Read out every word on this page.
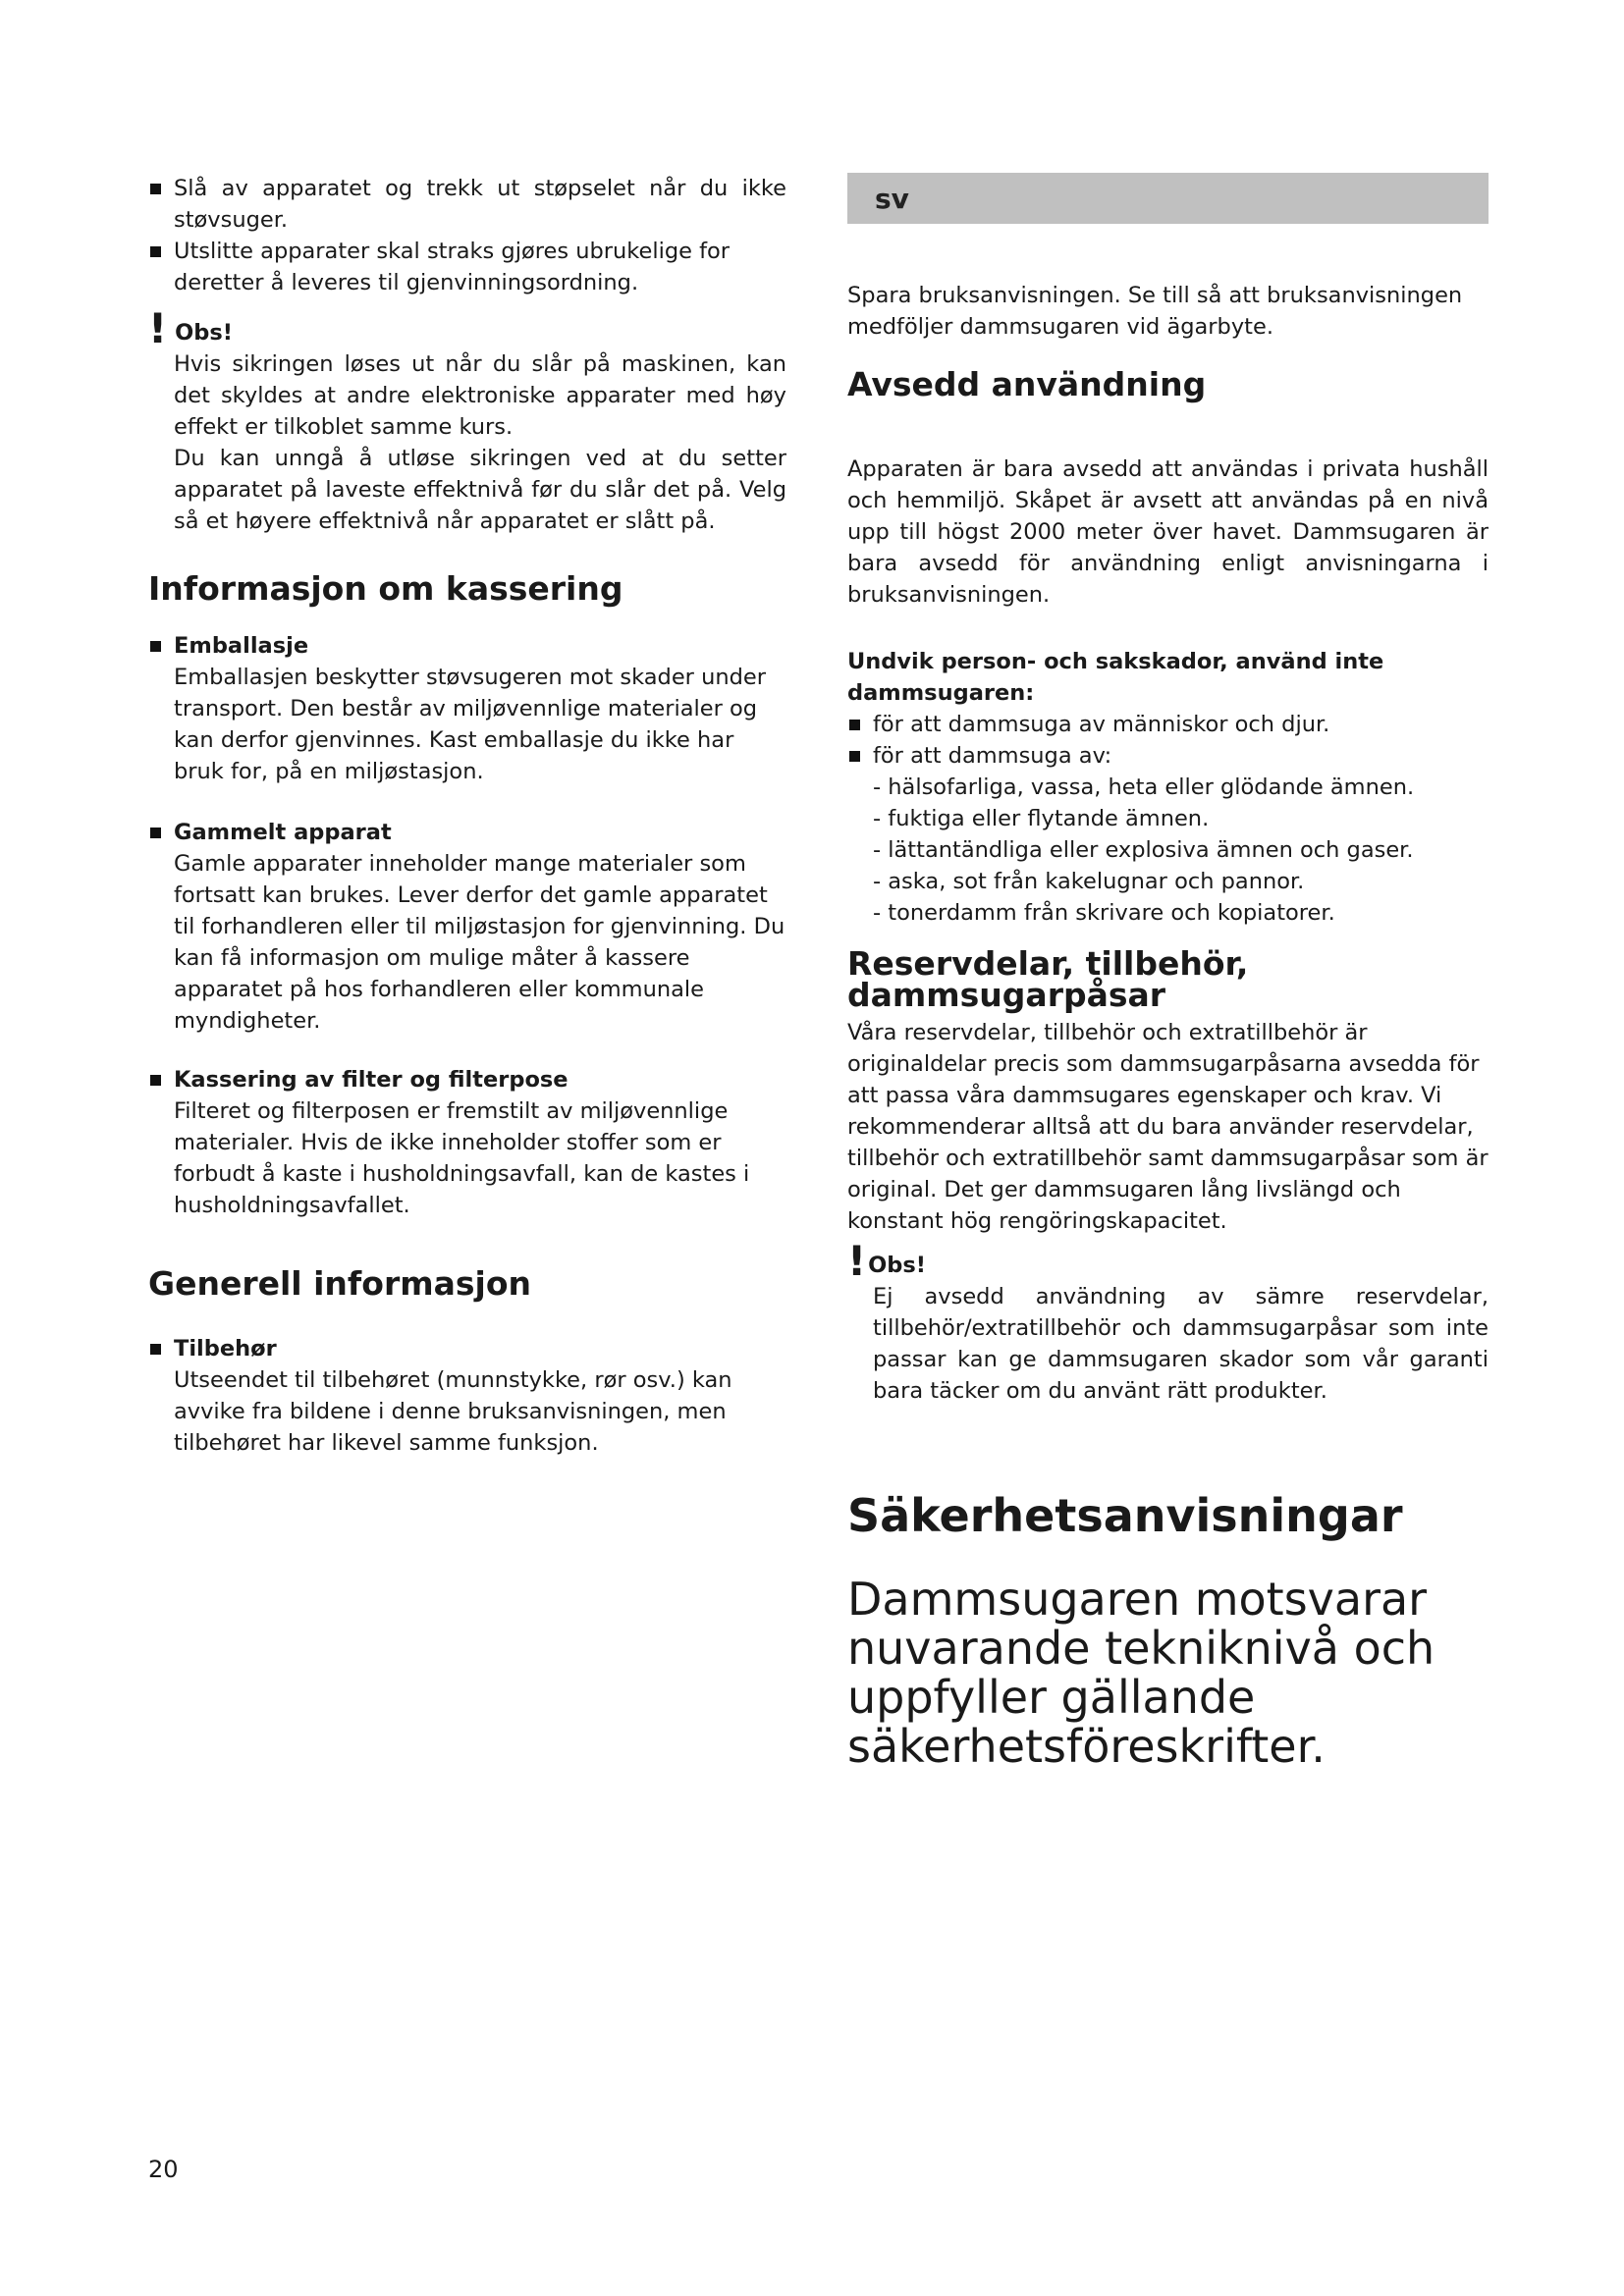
Slå av apparatet og trekk ut støpselet når du ikke støvsuger.

Utslitte apparater skal straks gjøres ubrukelige for deretter å leveres til gjenvinningsordning.

! Obs!

Hvis sikringen løses ut når du slår på maskinen, kan det skyldes at andre elektroniske apparater med høy effekt er tilkoblet samme kurs.

Du kan unngå å utløse sikringen ved at du setter apparatet på laveste effektnivå før du slår det på. Velg så et høyere effektnivå når apparatet er slått på.

Informasjon om kassering

Emballasje

Emballasjen beskytter støvsugeren mot skader under transport. Den består av miljøvennlige materialer og kan derfor gjenvinnes. Kast emballasje du ikke har bruk for, på en miljøstasjon.

Gammelt apparat

Gamle apparater inneholder mange materialer som fortsatt kan brukes. Lever derfor det gamle apparatet til forhandleren eller til miljøstasjon for gjenvinning. Du kan få informasjon om mulige måter å kassere apparatet på hos forhandleren eller kommunale myndigheter.

Kassering av filter og filterpose

Filteret og filterposen er fremstilt av miljøvennlige materialer. Hvis de ikke inneholder stoffer som er forbudt å kaste i husholdningsavfall, kan de kastes i husholdningsavfallet.

Generell informasjon

Tilbehør

Utseendet til tilbehøret (munnstykke, rør osv.) kan avvike fra bildene i denne bruksanvisningen, men tilbehøret har likevel samme funksjon.

sv

Spara bruksanvisningen. Se till så att bruksanvisningen medföljer dammsugaren vid ägarbyte.

Avsedd användning

Apparaten är bara avsedd att användas i privata hushåll och hemmiljö. Skåpet är avsett att användas på en nivå upp till högst 2000 meter över havet. Dammsugaren är bara avsedd för användning enligt anvisningarna i bruksanvisningen.

Undvik person- och sakskador, använd inte dammsugaren:

för att dammsuga av människor och djur.

för att dammsuga av:

- hälsofarliga, vassa, heta eller glödande ämnen.
- fuktiga eller flytande ämnen.
- lättantändliga eller explosiva ämnen och gaser.
- aska, sot från kakelugnar och pannor.
- tonerdamm från skrivare och kopiatorer.
Reservdelar, tillbehör, dammsugarpåsar

Våra reservdelar, tillbehör och extratillbehör är originaldelar precis som dammsugarpåsarna avsedda för att passa våra dammsugares egenskaper och krav. Vi rekommenderar alltså att du bara använder reservdelar, tillbehör och extratillbehör samt dammsugarpåsar som är original. Det ger dammsugaren lång livslängd och konstant hög rengöringskapacitet.

!Obs!

Ej avsedd användning av sämre reservdelar, tillbehör/extratillbehör och dammsugarpåsar som inte passar kan ge dammsugaren skador som vår garanti bara täcker om du använt rätt produkter.

Säkerhetsanvisningar

Dammsugaren motsvarar nuvarande tekniknivå och uppfyller gällande säkerhetsföreskrifter.

20
